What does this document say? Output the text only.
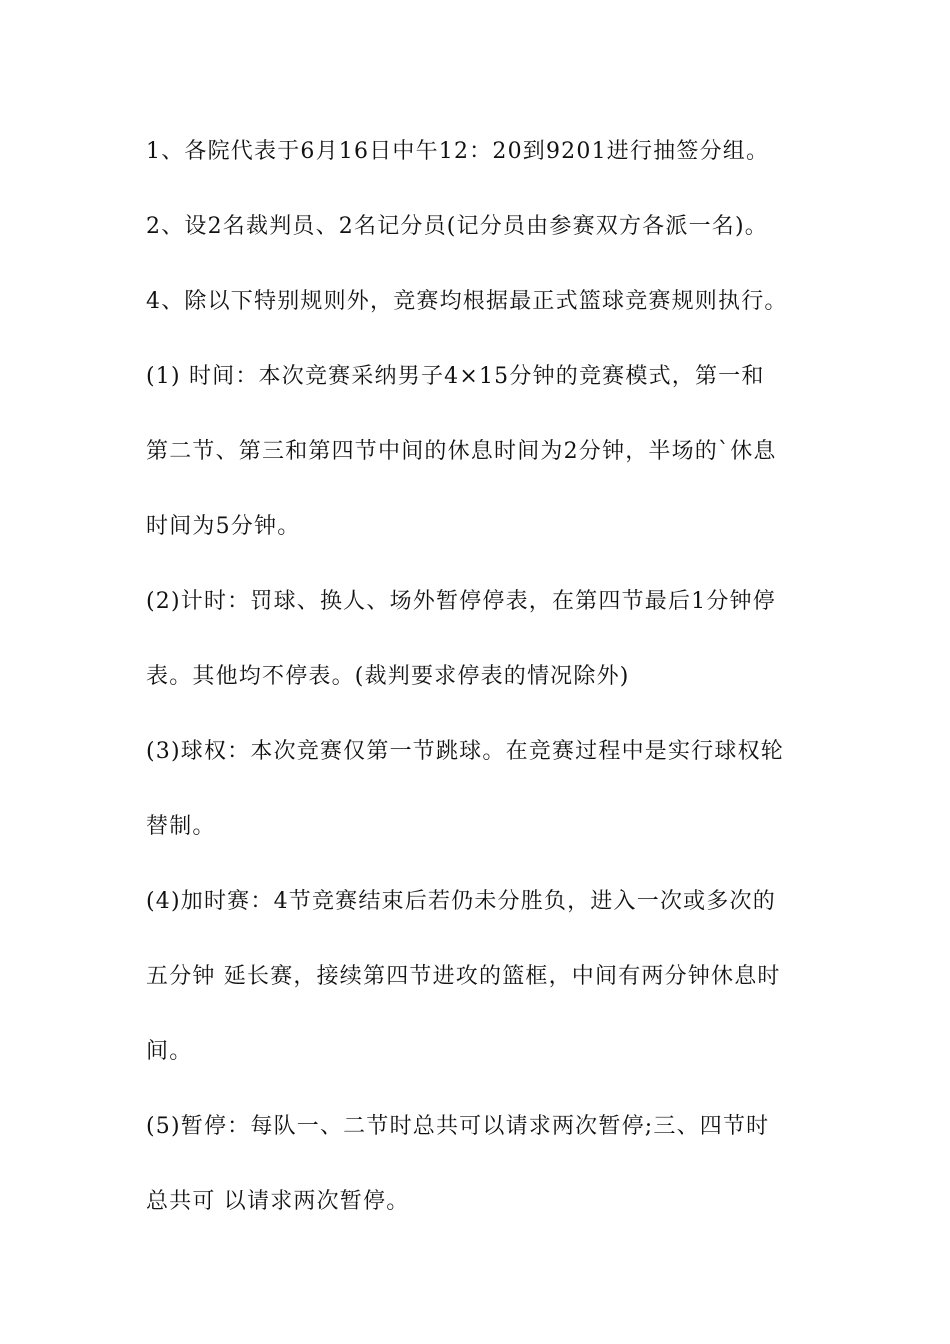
1、各院代表于6月16日中午12：20到9201进行抽签分组。
2、设2名裁判员、2名记分员(记分员由参赛双方各派一名)。
4、除以下特别规则外，竞赛均根据最正式篮球竞赛规则执行。
(1) 时间：本次竞赛采纳男子4×15分钟的竞赛模式，第一和
第二节、第三和第四节中间的休息时间为2分钟，半场的`休息
时间为5分钟。
(2)计时：罚球、换人、场外暂停停表，在第四节最后1分钟停
表。其他均不停表。(裁判要求停表的情况除外)
(3)球权：本次竞赛仅第一节跳球。在竞赛过程中是实行球权轮
替制。
(4)加时赛：4节竞赛结束后若仍未分胜负，进入一次或多次的
五分钟 延长赛，接续第四节进攻的篮框，中间有两分钟休息时
间。
(5)暂停：每队一、二节时总共可以请求两次暂停;三、四节时
总共可 以请求两次暂停。
